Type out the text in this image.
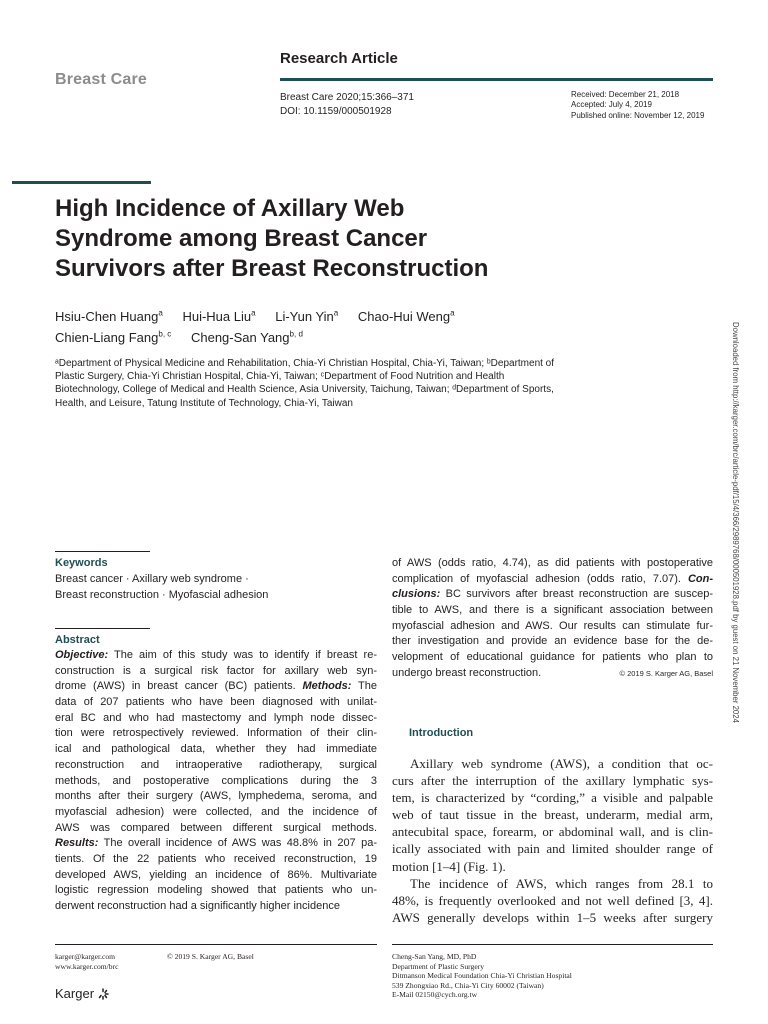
Breast Care
Research Article
Breast Care 2020;15:366–371
DOI: 10.1159/000501928
Received: December 21, 2018
Accepted: July 4, 2019
Published online: November 12, 2019
High Incidence of Axillary Web
Syndrome among Breast Cancer
Survivors after Breast Reconstruction
Hsiu-Chen Huang$^a$ Hui-Hua Liu$^a$ Li-Yun Yin$^a$ Chao-Hui Weng$^a$
Chien-Liang Fang$^{b, c}$ Cheng-San Yang$^{b, d}$
ᵃDepartment of Physical Medicine and Rehabilitation, Chia-Yi Christian Hospital, Chia-Yi, Taiwan; ᵇDepartment of
Plastic Surgery, Chia-Yi Christian Hospital, Chia-Yi, Taiwan; ᶜDepartment of Food Nutrition and Health
Biotechnology, College of Medical and Health Science, Asia University, Taichung, Taiwan; ᵈDepartment of Sports,
Health, and Leisure, Tatung Institute of Technology, Chia-Yi, Taiwan	Downloaded from http://karger.com/brc/article-pdf/15/4/366/2989768/000501928.pdf by guest on 21 November 2024
Keywords
Breast cancer · Axillary web syndrome ·
Breast reconstruction · Myofascial adhesion
Abstract
Objective: The aim of this study was to identify if breast re-
construction is a surgical risk factor for axillary web syn-
drome (AWS) in breast cancer (BC) patients. Methods: The
data of 207 patients who have been diagnosed with unilat-
eral BC and who had mastectomy and lymph node dissec-
tion were retrospectively reviewed. Information of their clin-
ical and pathological data, whether they had immediate
reconstruction and intraoperative radiotherapy, surgical
methods, and postoperative complications during the 3
months after their surgery (AWS, lymphedema, seroma, and
myofascial adhesion) were collected, and the incidence of
AWS was compared between different surgical methods.
Results: The overall incidence of AWS was 48.8% in 207 pa-
tients. Of the 22 patients who received reconstruction, 19
developed AWS, yielding an incidence of 86%. Multivariate
logistic regression modeling showed that patients who un-
derwent reconstruction had a significantly higher incidence
of AWS (odds ratio, 4.74), as did patients with postoperative
complication of myofascial adhesion (odds ratio, 7.07). Con-
clusions: BC survivors after breast reconstruction are suscep-
tible to AWS, and there is a significant association between
myofascial adhesion and AWS. Our results can stimulate fur-
ther investigation and provide an evidence base for the de-
velopment of educational guidance for patients who plan to
undergo breast reconstruction.	© 2019 S. Karger AG, Basel
Introduction
Axillary web syndrome (AWS), a condition that oc-
curs after the interruption of the axillary lymphatic sys-
tem, is characterized by “cording,” a visible and palpable
web of taut tissue in the breast, underarm, medial arm,
antecubital space, forearm, or abdominal wall, and is clin-
ically associated with pain and limited shoulder range of
motion [1–4] (Fig. 1).
The incidence of AWS, which ranges from 28.1 to
48%, is frequently overlooked and not well defined [3, 4].
AWS generally develops within 1–5 weeks after surgery
karger@karger.com
www.karger.com/brc
© 2019 S. Karger AG, Basel
Karger
Cheng-San Yang, MD, PhD
Department of Plastic Surgery
Ditmanson Medical Foundation Chia-Yi Christian Hospital
539 Zhongxiao Rd., Chia-Yi City 60002 (Taiwan)
E-Mail 02150@cych.org.tw
